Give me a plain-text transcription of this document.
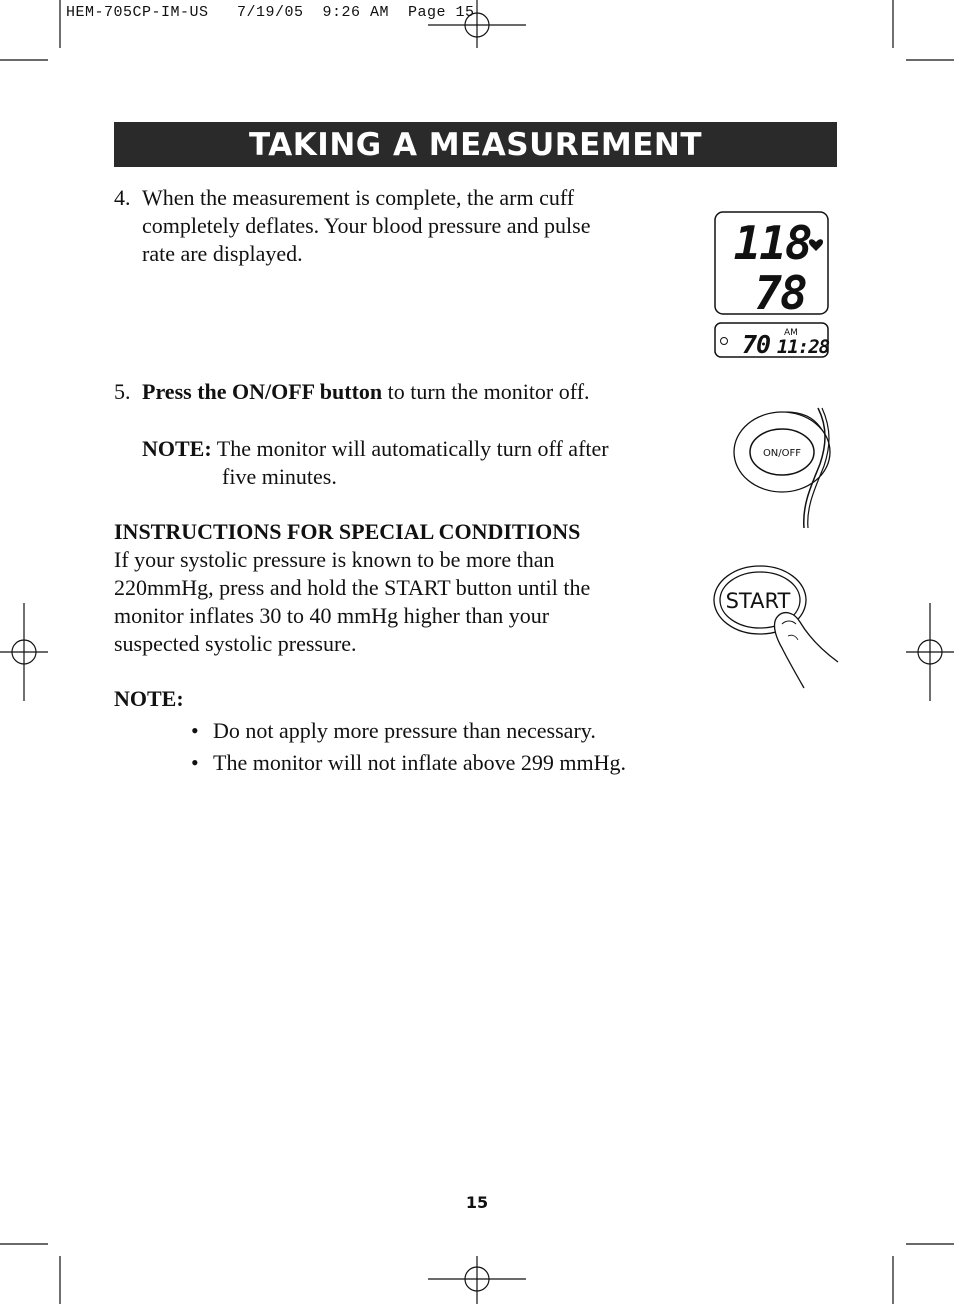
HEM-705CP-IM-US   7/19/05  9:26 AM  Page 15
TAKING A MEASUREMENT
4. When the measurement is complete, the arm cuff
completely deflates. Your blood pressure and pulse
rate are displayed.
5. Press the ON/OFF button to turn the monitor off.
NOTE: The monitor will automatically turn off after
five minutes.
INSTRUCTIONS FOR SPECIAL CONDITIONS
If your systolic pressure is known to be more than
220mmHg, press and hold the START button until the
monitor inflates 30 to 40 mmHg higher than your
suspected systolic pressure.
NOTE:
• Do not apply more pressure than necessary.
• The monitor will not inflate above 299 mmHg.
118
78
70 AM
11:28
ON/OFF
START
15
